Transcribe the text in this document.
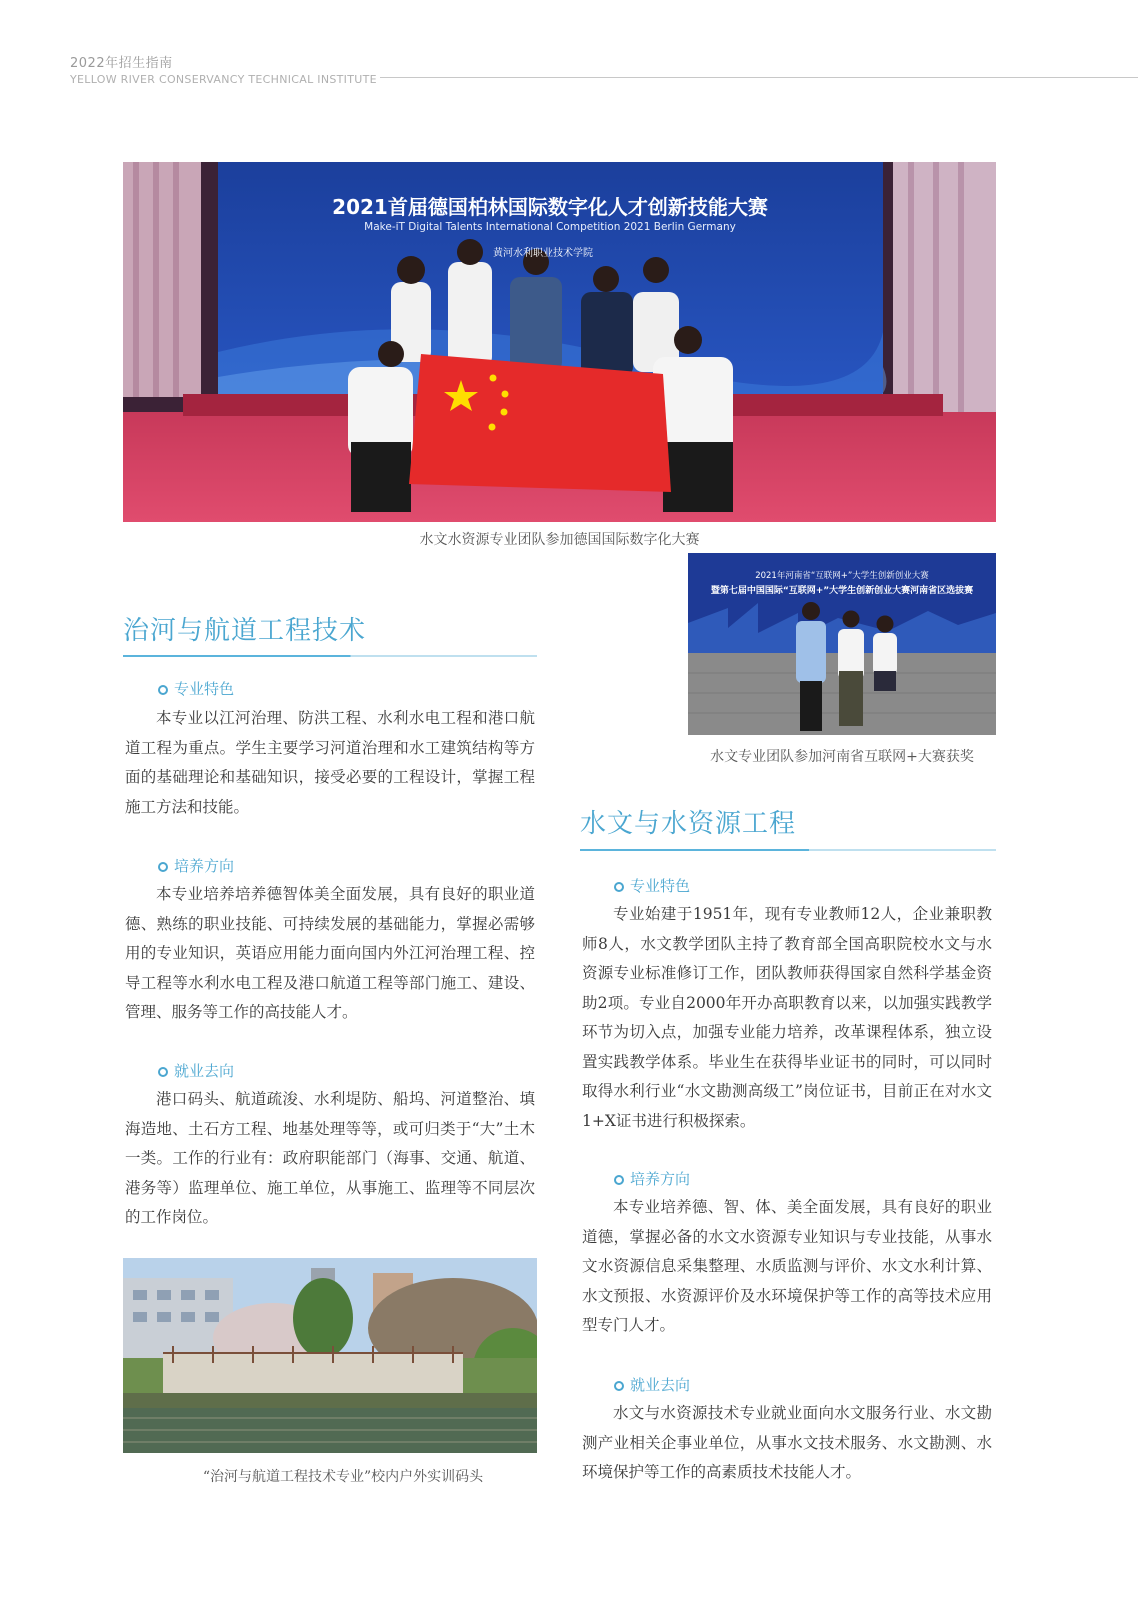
2022年招生指南
YELLOW RIVER CONSERVANCY TECHNICAL INSTITUTE
2021首届德国柏林国际数字化人才创新技能大赛
Make-iT Digital Talents International Competition 2021 Berlin Germany
黄河水利职业技术学院
水文水资源专业团队参加德国国际数字化大赛
2021年河南省“互联网+”大学生创新创业大赛
暨第七届中国国际“互联网+”大学生创新创业大赛河南省区选拔赛
水文专业团队参加河南省互联网+大赛获奖
治河与航道工程技术
专业特色
本专业以江河治理、防洪工程、水利水电工程和港口航道工程为重点。学生主要学习河道治理和水工建筑结构等方面的基础理论和基础知识，接受必要的工程设计，掌握工程施工方法和技能。
培养方向
本专业培养培养德智体美全面发展，具有良好的职业道德、熟练的职业技能、可持续发展的基础能力，掌握必需够用的专业知识，英语应用能力面向国内外江河治理工程、控导工程等水利水电工程及港口航道工程等部门施工、建设、管理、服务等工作的高技能人才。
就业去向
港口码头、航道疏浚、水利堤防、船坞、河道整治、填海造地、土石方工程、地基处理等等，或可归类于“大”土木一类。工作的行业有：政府职能部门（海事、交通、航道、港务等）监理单位、施工单位，从事施工、监理等不同层次的工作岗位。
“治河与航道工程技术专业”校内户外实训码头
水文与水资源工程
专业特色
专业始建于1951年，现有专业教师12人，企业兼职教师8人，水文教学团队主持了教育部全国高职院校水文与水资源专业标准修订工作，团队教师获得国家自然科学基金资助2项。专业自2000年开办高职教育以来，以加强实践教学环节为切入点，加强专业能力培养，改革课程体系，独立设置实践教学体系。毕业生在获得毕业证书的同时，可以同时取得水利行业“水文勘测高级工”岗位证书，目前正在对水文1+X证书进行积极探索。
培养方向
本专业培养德、智、体、美全面发展，具有良好的职业道德，掌握必备的水文水资源专业知识与专业技能，从事水文水资源信息采集整理、水质监测与评价、水文水利计算、水文预报、水资源评价及水环境保护等工作的高等技术应用型专门人才。
就业去向
水文与水资源技术专业就业面向水文服务行业、水文勘测产业相关企事业单位，从事水文技术服务、水文勘测、水环境保护等工作的高素质技术技能人才。
